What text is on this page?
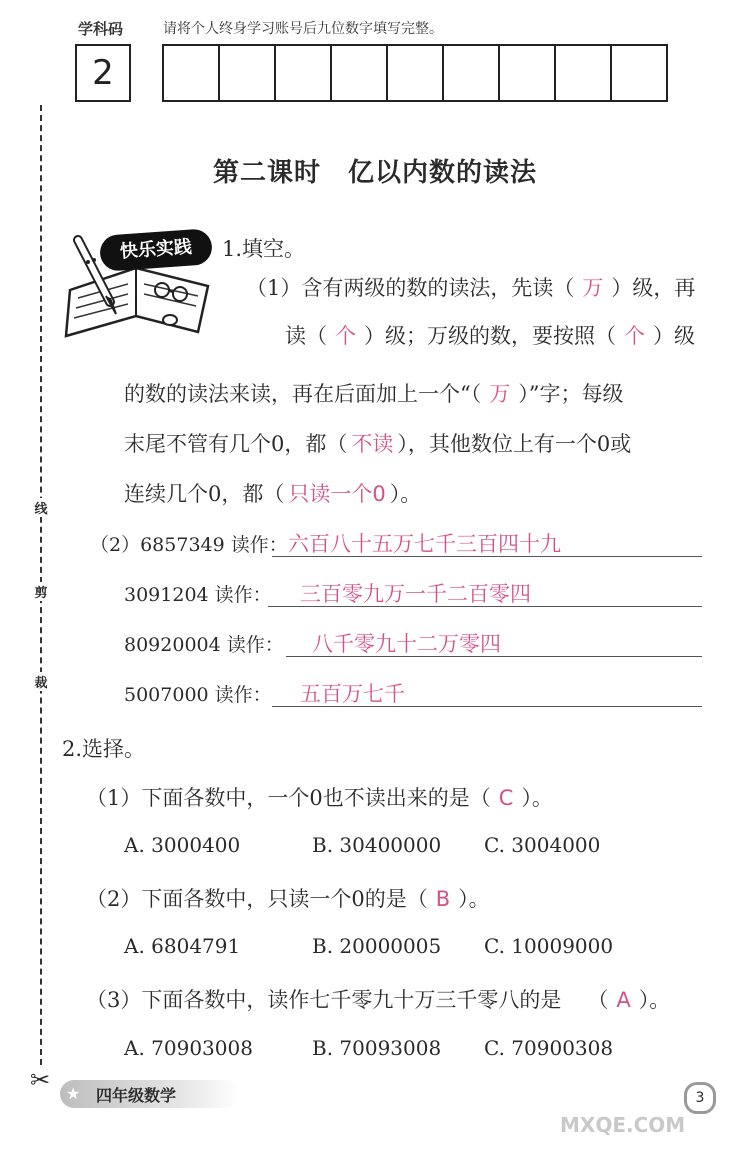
学科码	请将个人终身学习账号后九位数字填写完整。
2
线
剪
裁
✂
第二课时　亿以内数的读法
快乐实践	1.填空。
（1）含有两级的数的读法，先读（ 万 ）级，再
读（ 个 ）级；万级的数，要按照（ 个 ）级
的数的读法来读，再在后面加上一个“（ 万 ）”字；每级
末尾不管有几个0，都（ 不读 ），其他数位上有一个0或
连续几个0，都（ 只读一个0 ）。
（2）6857349 读作： 六百八十五万七千三百四十九
3091204 读作： 三百零九万一千二百零四
80920004 读作： 八千零九十二万零四
5007000 读作： 五百万七千
2.选择。
（1）下面各数中，一个0也不读出来的是（ C ）。
A. 3000400	B. 30400000 C. 3004000
（2）下面各数中，只读一个0的是（ B ）。
A. 6804791	B. 20000005 C. 10009000
（3）下面各数中，读作七千零九十万三千零八的是 （ A ）。
A. 70903008	B. 70093008 C. 70900308
★ 四年级数学	3
MXQE.COM
